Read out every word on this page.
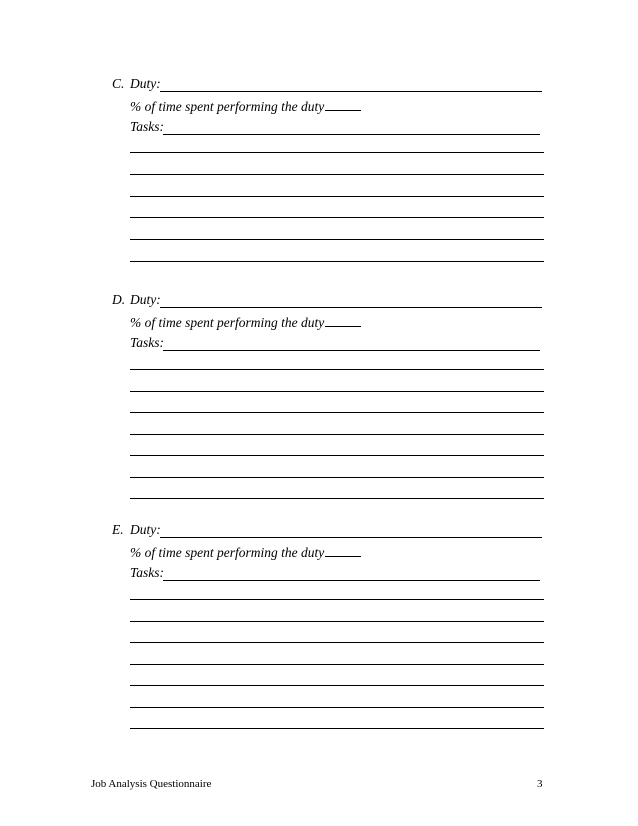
C. Duty:
% of time spent performing the duty
Tasks:
D. Duty:
% of time spent performing the duty
Tasks:
E. Duty:
% of time spent performing the duty
Tasks:
Job Analysis Questionnaire	3
